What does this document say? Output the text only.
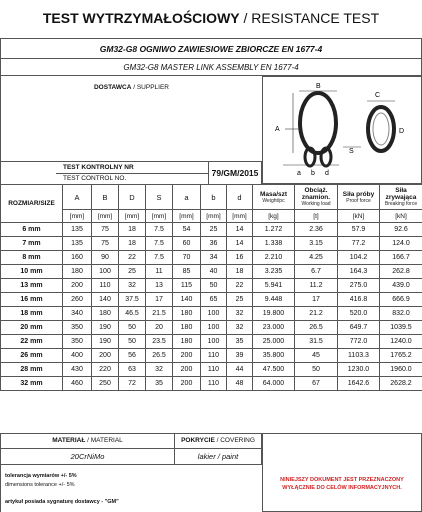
TEST WYTRZYMAŁOŚCIOWY / RESISTANCE TEST
GM32-G8 OGNIWO ZAWIESIOWE ZBIORCZE EN 1677-4
GM32-G8 MASTER LINK ASSEMBLY EN 1677-4
DOSTAWCA / SUPPLIER	B
A
C
D
S
a b d
TEST KONTROLNY NR
TEST CONTROL NO.
79/GM/2015
ROZMIAR/SIZE	A	B	D	S	a	b	d	Masa/szt
Weight/pc	Obciąż. znamion.
Working load	Siła próby
Proof force	Siła zrywająca
Breaking force

	[mm]	[mm]	[mm]	[mm]	[mm]	[mm]	[mm]	[kg]	[t]	[kN]	[kN]
6 mm	135	75	18	7.5	54	25	14	1.272	2.36	57.9	92.6
7 mm	135	75	18	7.5	60	36	14	1.338	3.15	77.2	124.0
8 mm	160	90	22	7.5	70	34	16	2.210	4.25	104.2	166.7
10 mm	180	100	25	11	85	40	18	3.235	6.7	164.3	262.8
13 mm	200	110	32	13	115	50	22	5.941	11.2	275.0	439.0
16 mm	260	140	37.5	17	140	65	25	9.448	17	416.8	666.9
18 mm	340	180	46.5	21.5	180	100	32	19.800	21.2	520.0	832.0
20 mm	350	190	50	20	180	100	32	23.000	26.5	649.7	1039.5
22 mm	350	190	50	23.5	180	100	35	25.000	31.5	772.0	1240.0
26 mm	400	200	56	26.5	200	110	39	35.800	45	1103.3	1765.2
28 mm	430	220	63	32	200	110	44	47.500	50	1230.0	1960.0
32 mm	460	250	72	35	200	110	48	64.000	67	1642.6	2628.2
MATERIAŁ / MATERIAL
20CrNiMo
POKRYCIE / COVERING
lakier / paint
tolerancja wymiarów +/- 5%
dimensions tolerance +/- 5%
artykuł posiada sygnaturę dostawcy - "GM"
NINIEJSZY DOKUMENT JEST PRZEZNACZONY
WYŁĄCZNIE DO CELÓW INFORMACYJNYCH.
